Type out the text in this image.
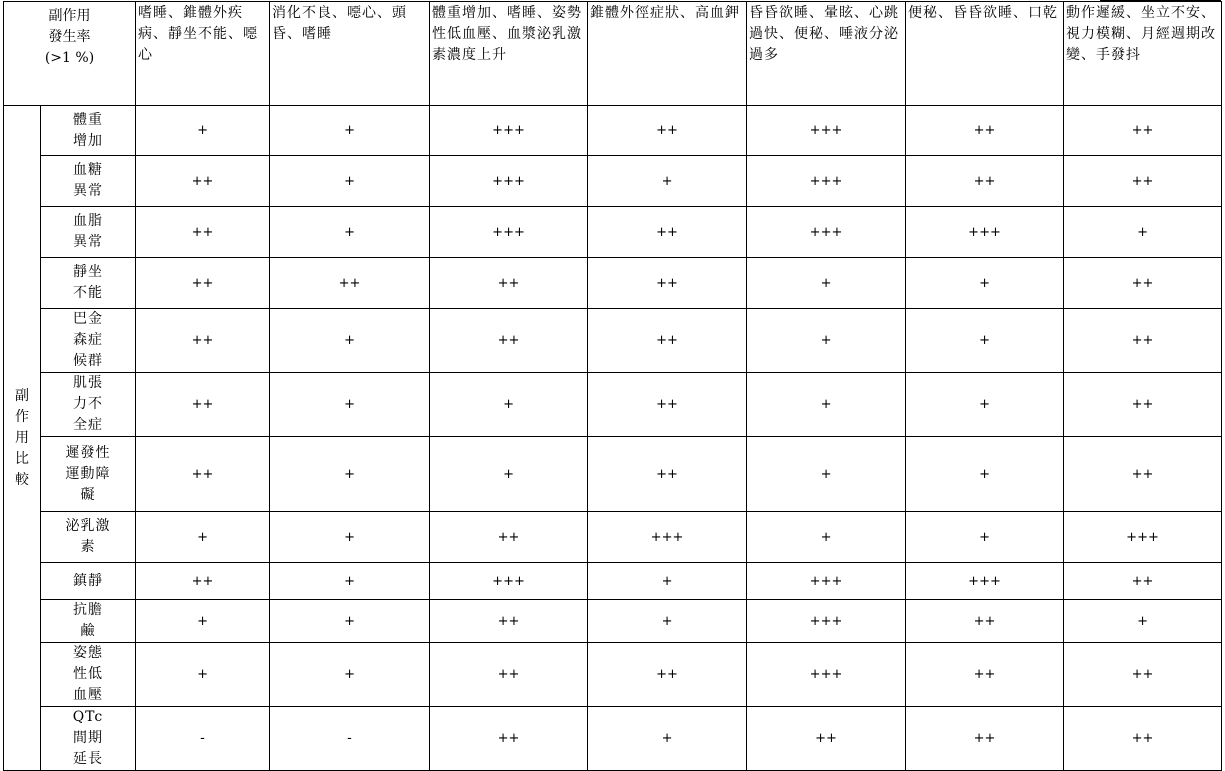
副作用
發生率
(>1 %)		嗜睡、錐體外疾病、靜坐不能、噁心	消化不良、噁心、頭昏、嗜睡	體重增加、嗜睡、姿勢性低血壓、血漿泌乳激素濃度上升	錐體外徑症狀、高血鉀	昏昏欲睡、暈眩、心跳過快、便秘、唾液分泌過多	便秘、昏昏欲睡、口乾	動作遲緩、坐立不安、視力模糊、月經週期改變、手發抖

副作用比較	體重增加	+	+	+++	++	+++	++	++

	血糖異常	++	+	+++	+	+++	++	++

	血脂異常	++	+	+++	++	+++	+++	+

	靜坐不能	++	++	++	++	+	+	++

	巴金森症候群	++	+	++	++	+	+	++

	肌張力不全症	++	+	+	++	+	+	++

	遲發性運動障礙	++	+	+	++	+	+	++

	泌乳激素	+	+	++	+++	+	+	+++

	鎮靜	++	+	+++	+	+++	+++	++

	抗膽鹼	+	+	++	+	+++	++	+

	姿態性低血壓	+	+	++	++	+++	++	++

	QTc 間期延長	-	-	++	+	++	++	++
